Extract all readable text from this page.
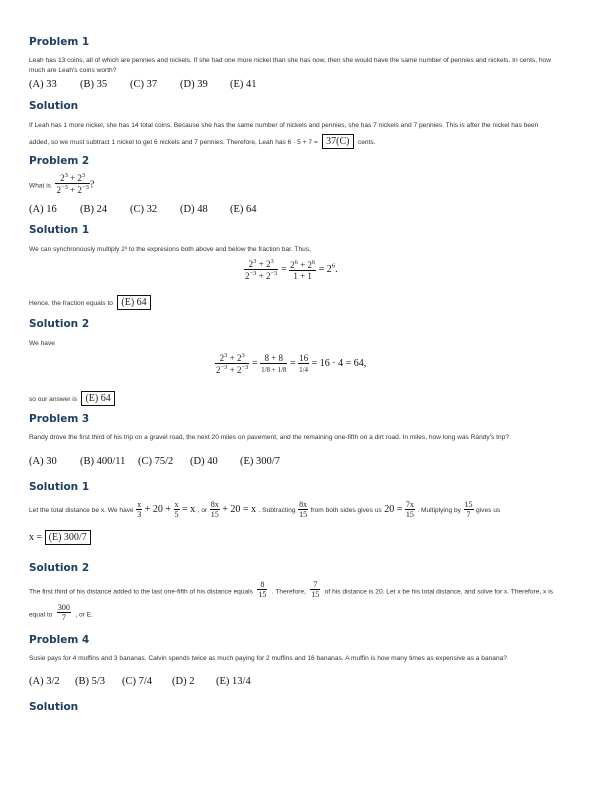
Problem 1
Leah has 13 coins, all of which are pennies and nickels. If she had one more nickel than she has now, then she would have the same number of pennies and nickels. In cents, how
much are Leah's coins worth?
(A) 33 (B) 35 (C) 37 (D) 39 (E) 41
Solution
If Leah has 1 more nickel, she has 14 total coins. Because she has the same number of nickels and pennies, she has 7 nickels and 7 pennies. This is after the nickel has been
added, so we must subtract 1 nickel to get 6 nickels and 7 pennies. Therefore, Leah has 6 · 5 + 7 = 37(C) cents.
Problem 2
What is $\frac{2^3 + 2^3}{2^{-3} + 2^{-3}}$ ?
(A) 16 (B) 24 (C) 32 (D) 48 (E) 64
Solution 1
We can synchronously multiply 2³ to the expresions both above and below the fraction bar. Thus,
$\frac{2^3 + 2^3}{2^{-3} + 2^{-3}} = \frac{2^6 + 2^6}{1 + 1} = 2^6$.
Hence, the fraction equals to (E) 64
Solution 2
We have
$\frac{2^3 + 2^3}{2^{-3} + 2^{-3}} = \frac{8 + 8}{1/8 + 1/8} = \frac{16}{1/4} = 16 \cdot 4 = 64$,
so our answer is (E) 64
Problem 3
Randy drove the first third of his trip on a gravel road, the next 20 miles on pavement, and the remaining one-fifth on a dirt road. In miles, how long was Randy's trip?
(A) 30 (B) 400/11 (C) 75/2 (D) 40 (E) 300/7
Solution 1
Let the total distance be x. We have $\frac{x}{3} + 20 + \frac{x}{5} = x$ , or $\frac{8x}{15} + 20 = x$ . Subtracting $\frac{8x}{15}$ from both sides gives us $20 = \frac{7x}{15}$ . Multiplying by $\frac{15}{7}$ gives us
x = (E) 300/7
Solution 2
The first third of his distance added to the last one-fifth of his distance equals $\frac{8}{15}$ . Therefore, $\frac{7}{15}$ of his distance is 20. Let x be his total distance, and solve for x. Therefore, x is
equal to $\frac{300}{7}$ , or E.
Problem 4
Susie pays for 4 muffins and 3 bananas. Calvin spends twice as much paying for 2 muffins and 16 bananas. A muffin is how many times as expensive as a banana?
(A) 3/2 (B) 5/3 (C) 7/4 (D) 2 (E) 13/4
Solution
